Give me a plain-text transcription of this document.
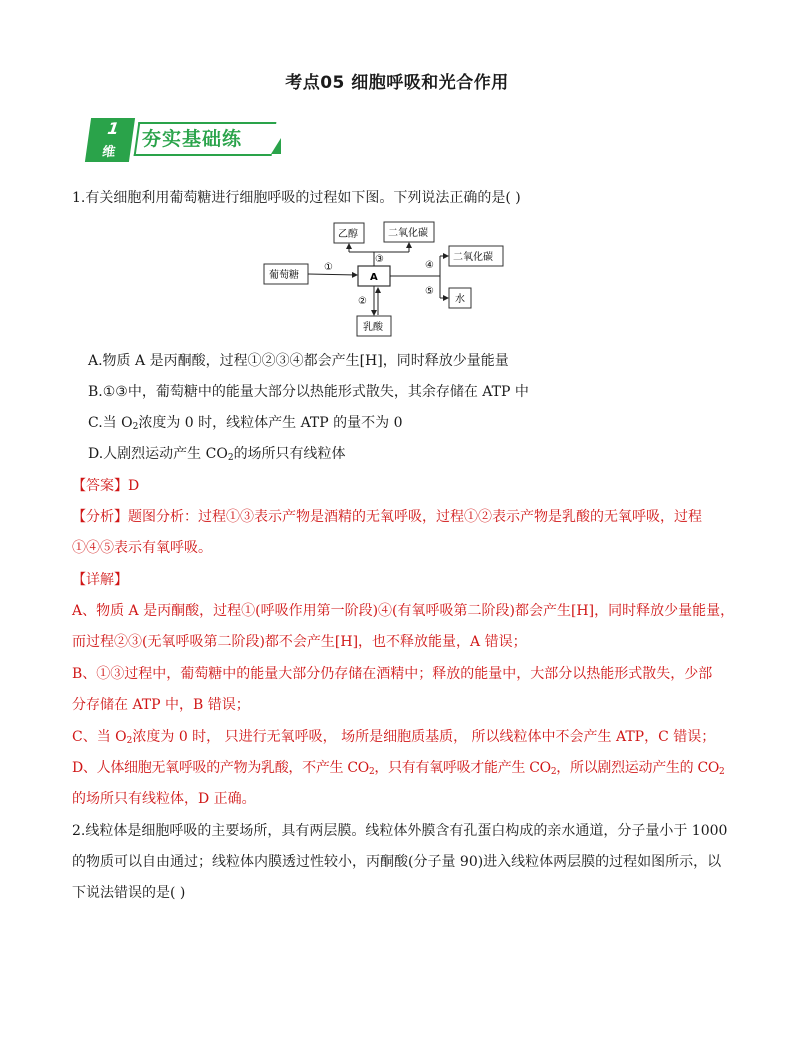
考点05 细胞呼吸和光合作用
1
维
夯实基础练
1.有关细胞利用葡萄糖进行细胞呼吸的过程如下图。下列说法正确的是( )
葡萄糖	A
乙醇	二氧化碳
二氧化碳
水
乳酸
①
②
③
④
⑤
A.物质 A 是丙酮酸，过程①②③④都会产生[H]，同时释放少量能量
B.①③中，葡萄糖中的能量大部分以热能形式散失，其余存储在 ATP 中
C.当 $O_2$浓度为 0 时，线粒体产生 ATP 的量不为 0
D.人剧烈运动产生 $CO_2$的场所只有线粒体
【答案】D
【分析】题图分析：过程①③表示产物是酒精的无氧呼吸，过程①②表示产物是乳酸的无氧呼吸，过程
①④⑤表示有氧呼吸。
【详解】
A、物质 A 是丙酮酸，过程①(呼吸作用第一阶段)④(有氧呼吸第二阶段)都会产生[H]，同时释放少量能量，
而过程②③(无氧呼吸第二阶段)都不会产生[H]，也不释放能量，A 错误；
B、①③过程中，葡萄糖中的能量大部分仍存储在酒精中；释放的能量中，大部分以热能形式散失，少部
分存储在 ATP 中，B 错误；
C、当 $O_2$浓度为 0 时， 只进行无氧呼吸， 场所是细胞质基质， 所以线粒体中不会产生 ATP，C 错误；
D、人体细胞无氧呼吸的产物为乳酸，不产生 $CO_2$，只有有氧呼吸才能产生 $CO_2$，所以剧烈运动产生的 $CO_2$
的场所只有线粒体，D 正确。
2.线粒体是细胞呼吸的主要场所，具有两层膜。线粒体外膜含有孔蛋白构成的亲水通道，分子量小于 1000
的物质可以自由通过；线粒体内膜透过性较小，丙酮酸(分子量 90)进入线粒体两层膜的过程如图所示，以
下说法错误的是( )
